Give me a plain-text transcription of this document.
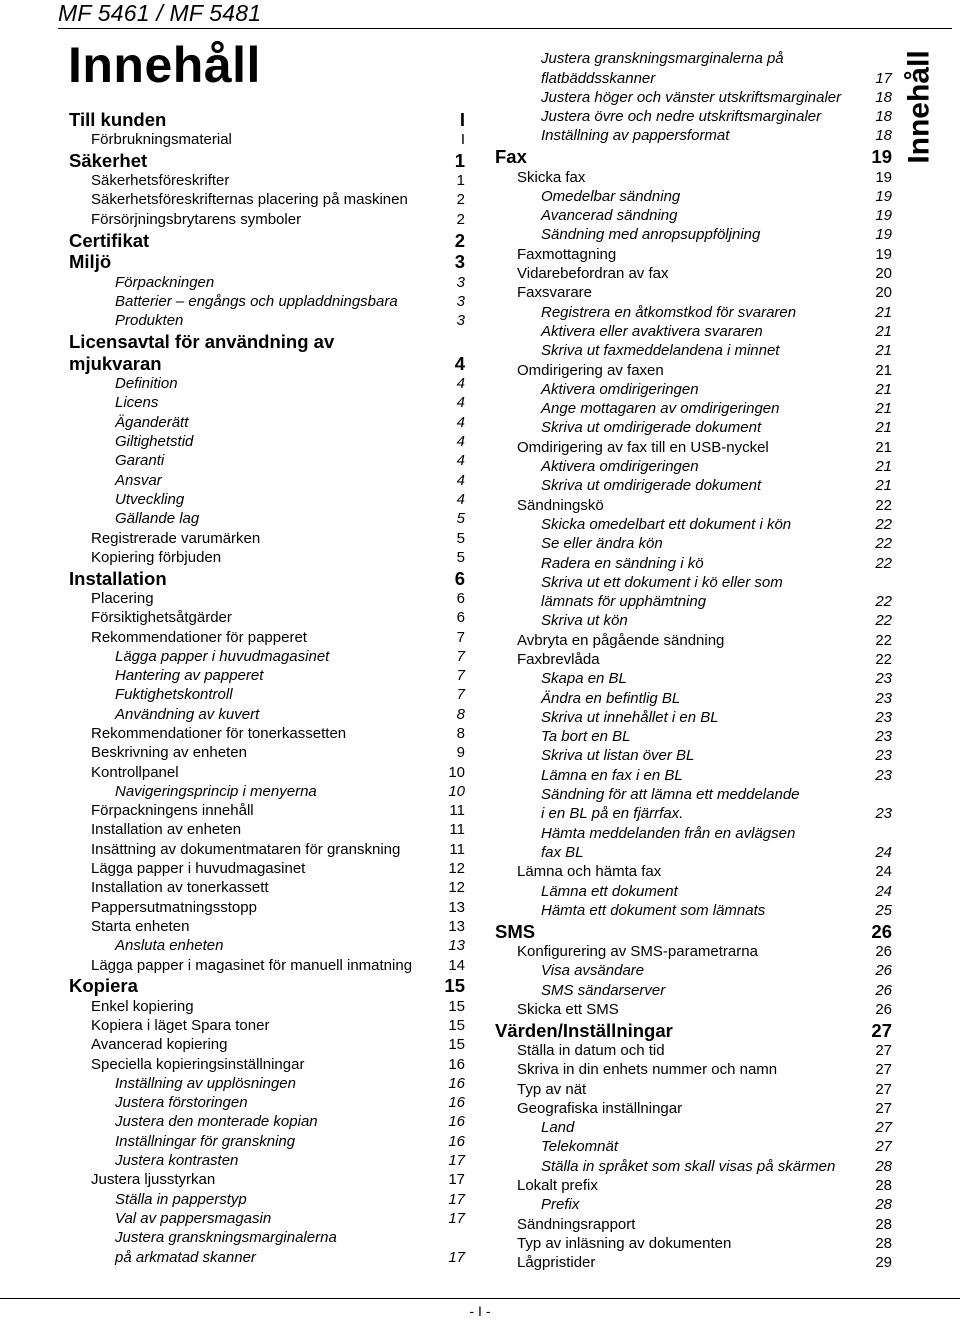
MF 5461 / MF 5481
Innehåll	Innehåll
Till kunden	I
Förbrukningsmaterial	I
Säkerhet	1
Säkerhetsföreskrifter	1
Säkerhetsföreskrifternas placering på maskinen	2
Försörjningsbrytarens symboler	2
Certifikat	2
Miljö	3
Förpackningen	3
Batterier – engångs och uppladdningsbara	3
Produkten	3
Licensavtal för användning av
mjukvaran	4
Definition	4
Licens	4
Äganderätt	4
Giltighetstid	4
Garanti	4
Ansvar	4
Utveckling	4
Gällande lag	5
Registrerade varumärken	5
Kopiering förbjuden	5
Installation	6
Placering	6
Försiktighetsåtgärder	6
Rekommendationer för papperet	7
Lägga papper i huvudmagasinet	7
Hantering av papperet	7
Fuktighetskontroll	7
Användning av kuvert	8
Rekommendationer för tonerkassetten	8
Beskrivning av enheten	9
Kontrollpanel	10
Navigeringsprincip i menyerna	10
Förpackningens innehåll	11
Installation av enheten	11
Insättning av dokumentmataren för granskning	11
Lägga papper i huvudmagasinet	12
Installation av tonerkassett	12
Pappersutmatningsstopp	13
Starta enheten	13
Ansluta enheten	13
Lägga papper i magasinet för manuell inmatning	14
Kopiera	15
Enkel kopiering	15
Kopiera i läget Spara toner	15
Avancerad kopiering	15
Speciella kopieringsinställningar	16
Inställning av upplösningen	16
Justera förstoringen	16
Justera den monterade kopian	16
Inställningar för granskning	16
Justera kontrasten	17
Justera ljusstyrkan	17
Ställa in papperstyp	17
Val av pappersmagasin	17
Justera granskningsmarginalerna
på arkmatad skanner	17
Justera granskningsmarginalerna på
flatbäddsskanner	17
Justera höger och vänster utskriftsmarginaler	18
Justera övre och nedre utskriftsmarginaler	18
Inställning av pappersformat	18
Fax	19
Skicka fax	19
Omedelbar sändning	19
Avancerad sändning	19
Sändning med anropsuppföljning	19
Faxmottagning	19
Vidarebefordran av fax	20
Faxsvarare	20
Registrera en åtkomstkod för svararen	21
Aktivera eller avaktivera svararen	21
Skriva ut faxmeddelandena i minnet	21
Omdirigering av faxen	21
Aktivera omdirigeringen	21
Ange mottagaren av omdirigeringen	21
Skriva ut omdirigerade dokument	21
Omdirigering av fax till en USB-nyckel	21
Aktivera omdirigeringen	21
Skriva ut omdirigerade dokument	21
Sändningskö	22
Skicka omedelbart ett dokument i kön	22
Se eller ändra kön	22
Radera en sändning i kö	22
Skriva ut ett dokument i kö eller som
lämnats för upphämtning	22
Skriva ut kön	22
Avbryta en pågående sändning	22
Faxbrevlåda	22
Skapa en BL	23
Ändra en befintlig BL	23
Skriva ut innehållet i en BL	23
Ta bort en BL	23
Skriva ut listan över BL	23
Lämna en fax i en BL	23
Sändning för att lämna ett meddelande
i en BL på en fjärrfax.	23
Hämta meddelanden från en avlägsen
fax BL	24
Lämna och hämta fax	24
Lämna ett dokument	24
Hämta ett dokument som lämnats	25
SMS	26
Konfigurering av SMS-parametrarna	26
Visa avsändare	26
SMS sändarserver	26
Skicka ett SMS	26
Värden/Inställningar	27
Ställa in datum och tid	27
Skriva in din enhets nummer och namn	27
Typ av nät	27
Geografiska inställningar	27
Land	27
Telekomnät	27
Ställa in språket som skall visas på skärmen	28
Lokalt prefix	28
Prefix	28
Sändningsrapport	28
Typ av inläsning av dokumenten	28
Lågpristider	29
- I -
